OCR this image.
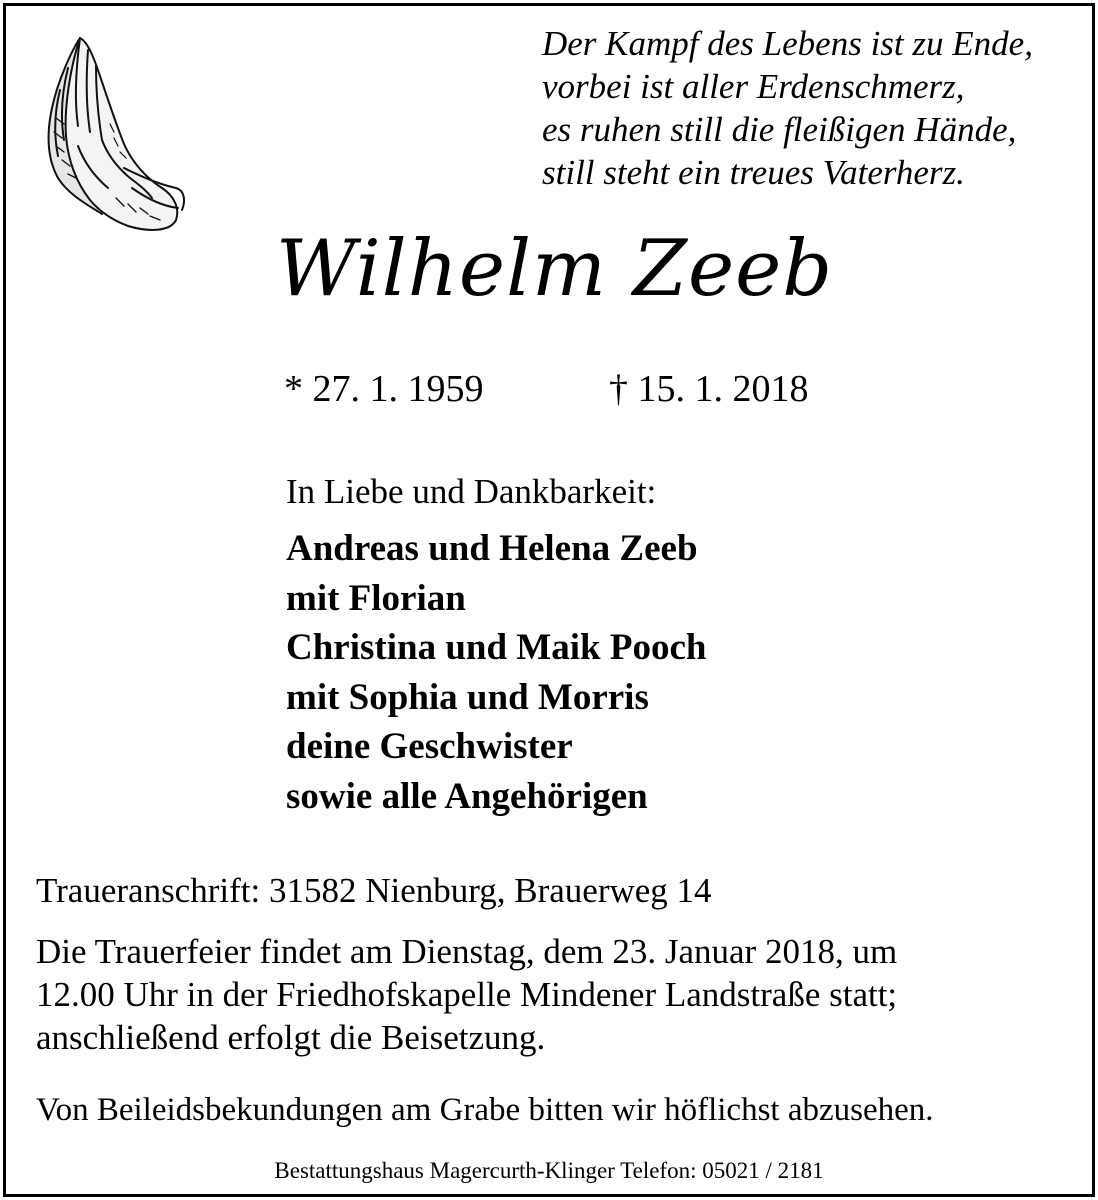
Der Kampf des Lebens ist zu Ende,
vorbei ist aller Erdenschmerz,
es ruhen still die fleißigen Hände,
still steht ein treues Vaterherz.
Wilhelm Zeeb
* 27. 1. 1959	† 15. 1. 2018
In Liebe und Dankbarkeit:
Andreas und Helena Zeeb
mit Florian
Christina und Maik Pooch
mit Sophia und Morris
deine Geschwister
sowie alle Angehörigen
Traueranschrift: 31582 Nienburg, Brauerweg 14
Die Trauerfeier findet am Dienstag, dem 23. Januar 2018, um
12.00 Uhr in der Friedhofskapelle Mindener Landstraße statt;
anschließend erfolgt die Beisetzung.
Von Beileidsbekundungen am Grabe bitten wir höflichst abzusehen.
Bestattungshaus Magercurth-Klinger Telefon: 05021 / 2181
